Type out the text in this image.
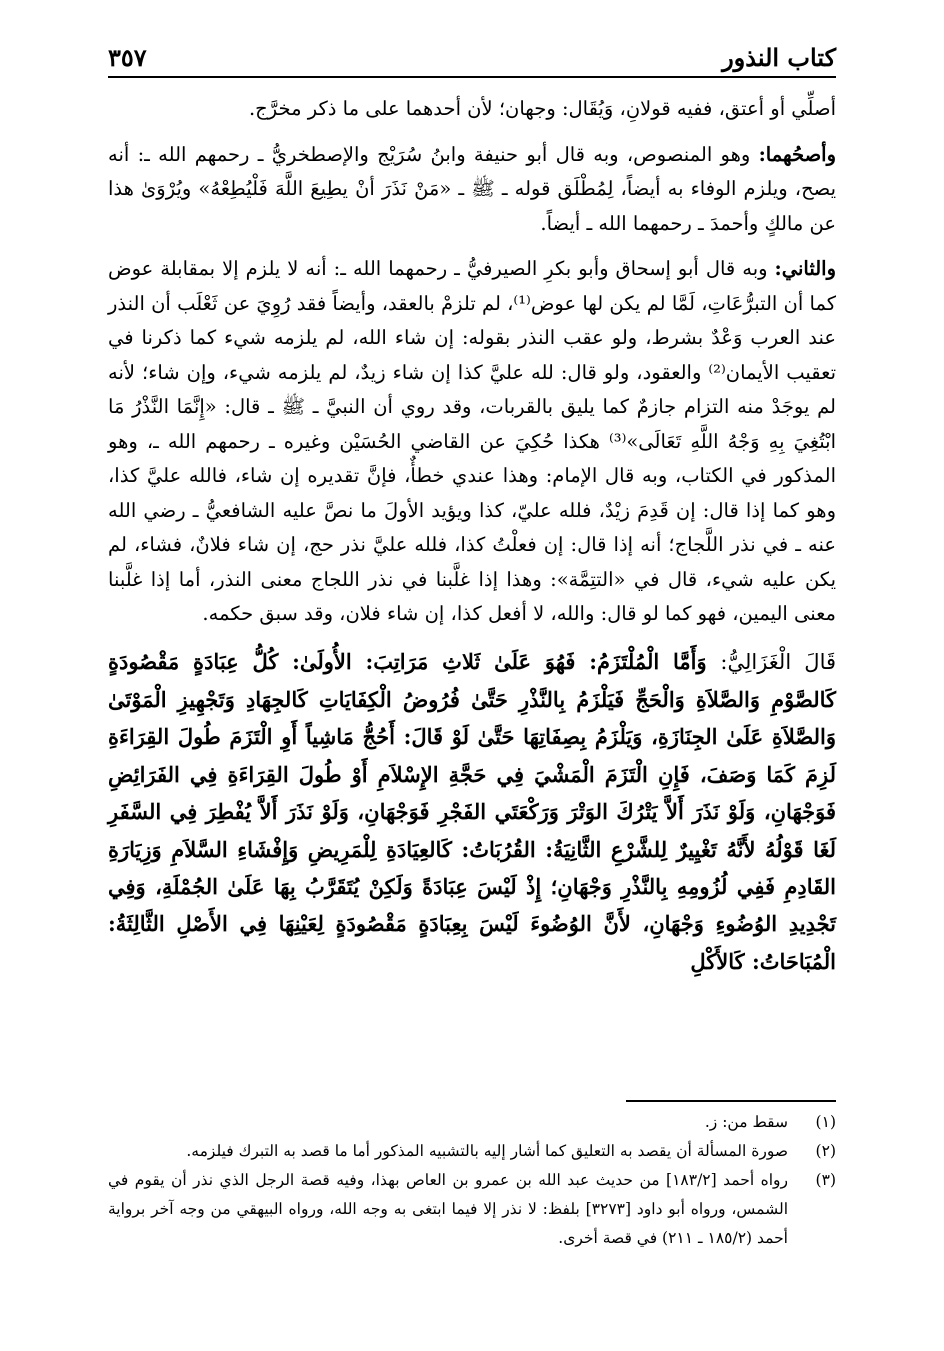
كتاب النذور
٣٥٧

أصلِّي أو أعتق، ففيه قولانِ، وَيُقَال: وجهان؛ لأن أحدهما على ما ذكر مخرَّج.

وأصحُهما: وهو المنصوص، وبه قال أبو حنيفة وابنُ سُرَيْج والإصطخريُّ ـ رحمهم الله ـ: أنه يصح، ويلزم الوفاء به أيضاً، لِمُطْلَق قوله ـ ﷺ ـ «مَنْ نَذَرَ أنْ يطِيعَ اللَّهَ فَلْيُطِعْهُ» ويُرْوَىٰ هذا عن مالكٍ وأحمدَ ـ رحمهما الله ـ أيضاً.

والثاني: وبه قال أبو إسحاق وأبو بكرِ الصيرفيُّ ـ رحمهما الله ـ: أنه لا يلزم إلا بمقابلة عوض كما أن التبرُّعَاتِ، لَمَّا لم يكن لها عوض⁽¹⁾، لم تلزمْ بالعقد، وأيضاً فقد رُوِيَ عن ثَعْلَب أن النذر عند العرب وَعْدٌ بشرط، ولو عقب النذر بقوله: إن شاء الله، لم يلزمه شيء كما ذكرنا في تعقيب الأيمان⁽²⁾ والعقود، ولو قال: لله عليَّ كذا إن شاء زيدٌ، لم يلزمه شيء، وإن شاء؛ لأنه لم يوجَدْ منه التزام جازمٌ كما يليق بالقربات، وقد روي أن النبيَّ ـ ﷺ ـ قال: «إِنَّمَا النَّذْرُ مَا ابْتُغِيَ بِهِ وَجْهُ اللَّهِ تَعَالَى»⁽³⁾ هكذا حُكِيَ عن القاضي الحُسَيْن وغيره ـ رحمهم الله ـ، وهو المذكور في الكتاب، وبه قال الإمام: وهذا عندي خطأٌ، فإنَّ تقديره إن شاء، فالله عليَّ كذا، وهو كما إذا قال: إن قَدِمَ زيْدٌ، فلله عليّ، كذا ويؤيد الأولَ ما نصَّ عليه الشافعيُّ ـ رضي الله عنه ـ في نذر اللَّجاج؛ أنه إذا قال: إن فعلْتُ كذا، فلله عليَّ نذر حج، إن شاء فلانٌ، فشاء، لم يكن عليه شيء، قال في «التتِمَّة»: وهذا إذا غلَّبنا في نذر اللجاج معنى النذر، أما إذا غلَّبنا معنى اليمين، فهو كما لو قال: والله، لا أفعل كذا، إن شاء فلان، وقد سبق حكمه.

قَالَ الْغَزَالِيُّ: وَأَمَّا الْمُلْتَزَمُ: فَهُوَ عَلَىٰ ثَلاثِ مَرَاتِبَ: الأُولَىٰ: كُلُّ عِبَادَةٍ مَقْصُودَةٍ كَالصَّوْمِ وَالصَّلاَةِ وَالْحَجِّ فَيَلْزَمُ بِالنَّذْرِ حَتَّىٰ فُرُوضُ الْكِفَايَاتِ كَالجِهَادِ وَتَجْهِيزِ الْمَوْتَىٰ وَالصَّلاَةِ عَلَىٰ الجِنَازَةِ، وَيَلْزَمُ بِصِفَاتِهَا حَتَّىٰ لَوْ قَالَ: أَحُجُّ مَاشِياً أَوِ الْتَزَمَ طُولَ القِرَاءَةِ لَزِمَ كَمَا وَصَفَ، فَإِنِ الْتَزَمَ الْمَشْيَ فِي حَجَّةِ الإِسْلاَمِ أَوْ طُولَ القِرَاءَةِ فِي الفَرَائِضِ فَوَجْهَانِ، وَلَوْ نَذَرَ أَلاَّ يَتْرُكَ الوَتْرَ وَرَكْعَتَي الفَجْرِ فَوَجْهَانِ، وَلَوْ نَذَرَ أَلاَّ يُفْطِرَ فِي السَّفَرِ لَغَا قَوْلُهُ لأَنَّهُ تَغْيِيرٌ لِلشَّرْعِ الثَّانِيَةُ: القُرُبَاتُ: كَالعِيَادَةِ لِلْمَرِيضِ وَإِفْشَاءِ السَّلاَمِ وَزِيَارَةِ القَادِمِ فَفِي لُزُومِهِ بِالنَّذْرِ وَجْهَانِ؛ إِذْ لَيْسَ عِبَادَةً وَلَكِنْ يُتَقَرَّبُ بِهَا عَلَىٰ الجُمْلَةِ، وَفِي تَجْدِيدِ الوُضُوءِ وَجْهَانِ، لأَنَّ الوُضُوءَ لَيْسَ بِعِبَادَةٍ مَقْصُودَةٍ لِعَيْنِهَا فِي الأَصْلِ الثَّالِثَةُ: الْمُبَاحَاتُ: كَالأَكْلِ

(١)
سقط من: ز.
(٢)
صورة المسألة أن يقصد به التعليق كما أشار إليه بالتشبيه المذكور أما ما قصد به التبرك فيلزمه.
(٣)
رواه أحمد [١٨٣/٢] من حديث عبد الله بن عمرو بن العاص بهذا، وفيه قصة الرجل الذي نذر أن يقوم في الشمس، ورواه أبو داود [٣٢٧٣] بلفظ: لا نذر إلا فيما ابتغى به وجه الله، ورواه البيهقي من وجه آخر برواية أحمد (١٨٥/٢ ـ ٢١١) في قصة أخرى.
